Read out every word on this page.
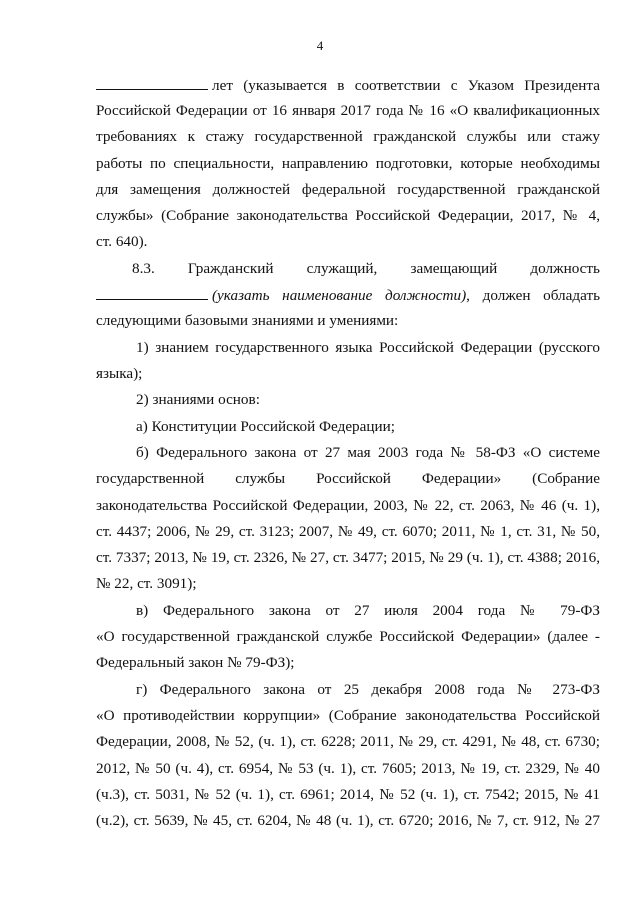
4
лет (указывается в соответствии с Указом Президента
Российской Федерации от 16 января 2017 года № 16 «О квалификационных
требованиях к стажу государственной гражданской службы или стажу
работы по специальности, направлению подготовки, которые необходимы
для замещения должностей федеральной государственной гражданской
службы» (Собрание законодательства Российской Федерации, 2017, № 4,
ст. 640).
8.3. Гражданский служащий, замещающий должность
(указать наименование должности), должен обладать
следующими базовыми знаниями и умениями:
1) знанием государственного языка Российской Федерации (русского
языка);
2) знаниями основ:
а) Конституции Российской Федерации;
б) Федерального закона от 27 мая 2003 года № 58-ФЗ «О системе
государственной службы Российской Федерации» (Собрание
законодательства Российской Федерации, 2003, № 22, ст. 2063, № 46 (ч. 1),
ст. 4437; 2006, № 29, ст. 3123; 2007, № 49, ст. 6070; 2011, № 1, ст. 31, № 50,
ст. 7337; 2013, № 19, ст. 2326, № 27, ст. 3477; 2015, № 29 (ч. 1), ст. 4388; 2016,
№ 22, ст. 3091);
в) Федерального закона от 27 июля 2004 года № 79-ФЗ
«О государственной гражданской службе Российской Федерации» (далее -
Федеральный закон № 79-ФЗ);
г) Федерального закона от 25 декабря 2008 года № 273-ФЗ
«О противодействии коррупции» (Собрание законодательства Российской
Федерации, 2008, № 52, (ч. 1), ст. 6228; 2011, № 29, ст. 4291, № 48, ст. 6730;
2012, № 50 (ч. 4), ст. 6954, № 53 (ч. 1), ст. 7605; 2013, № 19, ст. 2329, № 40
(ч.3), ст. 5031, № 52 (ч. 1), ст. 6961; 2014, № 52 (ч. 1), ст. 7542; 2015, № 41
(ч.2), ст. 5639, № 45, ст. 6204, № 48 (ч. 1), ст. 6720; 2016, № 7, ст. 912, № 27
